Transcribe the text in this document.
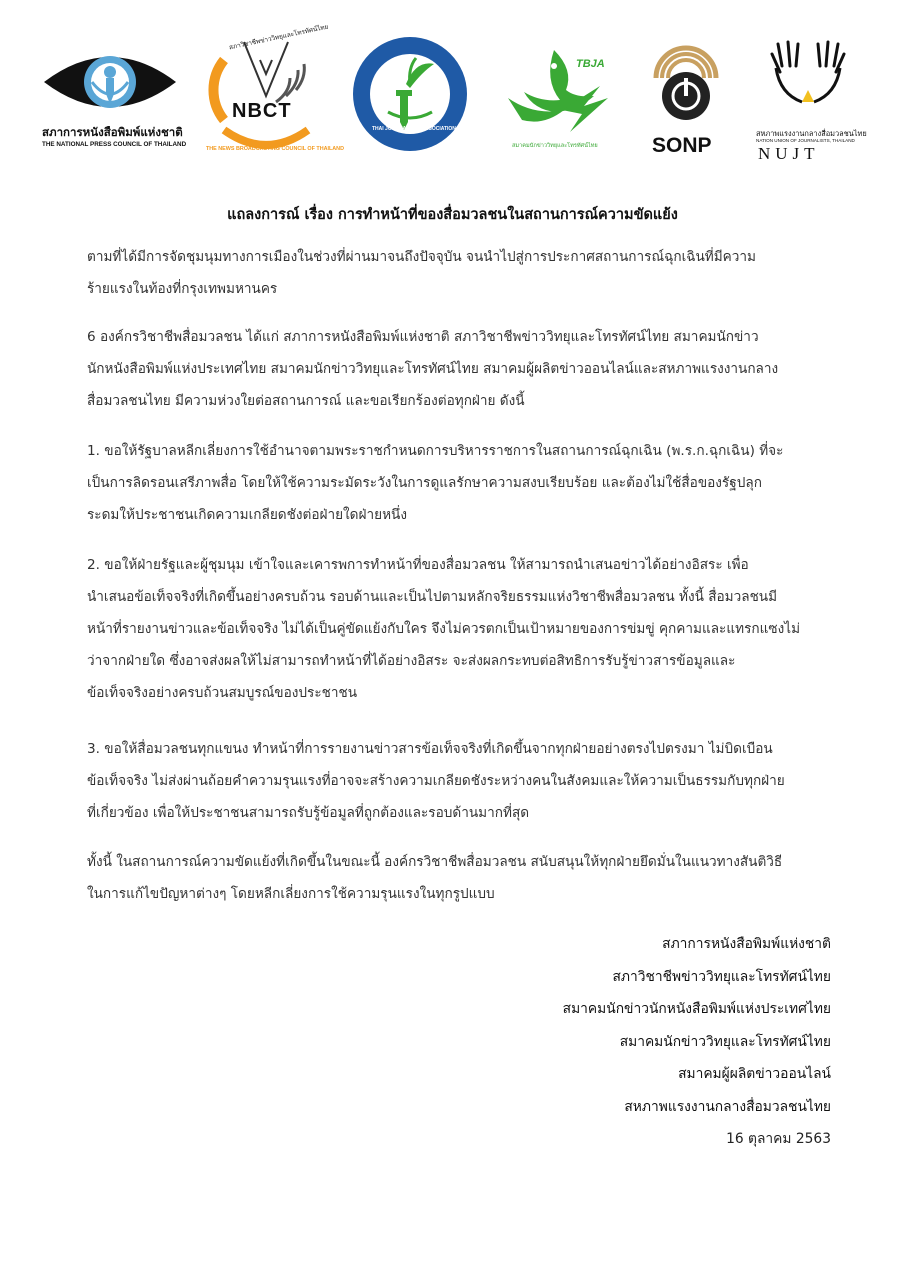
สภาการหนังสือพิมพ์แห่งชาติ
THE NATIONAL PRESS COUNCIL OF THAILAND
NBCT
สภาวิชาชีพข่าววิทยุและโทรทัศน์ไทย
THE NEWS BROADCASTING COUNCIL OF THAILAND
THAI JOURNALISTS ASSOCIATION
TBJA
สมาคมนักข่าววิทยุและโทรทัศน์ไทย	SONP
สหภาพแรงงานกลางสื่อมวลชนไทย
NATION UNION OF JOURNALISTS, THAILAND
NUJT
แถลงการณ์ เรื่อง การทำหน้าที่ของสื่อมวลชนในสถานการณ์ความขัดแย้ง
ตามที่ได้มีการจัดชุมนุมทางการเมืองในช่วงที่ผ่านมาจนถึงปัจจุบัน จนนำไปสู่การประกาศสถานการณ์ฉุกเฉินที่มีความ
ร้ายแรงในท้องที่กรุงเทพมหานคร
6 องค์กรวิชาชีพสื่อมวลชน ได้แก่ สภาการหนังสือพิมพ์แห่งชาติ สภาวิชาชีพข่าววิทยุและโทรทัศน์ไทย สมาคมนักข่าว
นักหนังสือพิมพ์แห่งประเทศไทย สมาคมนักข่าววิทยุและโทรทัศน์ไทย สมาคมผู้ผลิตข่าวออนไลน์และสหภาพแรงงานกลาง
สื่อมวลชนไทย มีความห่วงใยต่อสถานการณ์ และขอเรียกร้องต่อทุกฝ่าย ดังนี้
1. ขอให้รัฐบาลหลีกเลี่ยงการใช้อำนาจตามพระราชกำหนดการบริหารราชการในสถานการณ์ฉุกเฉิน (พ.ร.ก.ฉุกเฉิน) ที่จะ
เป็นการลิดรอนเสรีภาพสื่อ โดยให้ใช้ความระมัดระวังในการดูแลรักษาความสงบเรียบร้อย และต้องไม่ใช้สื่อของรัฐปลุก
ระดมให้ประชาชนเกิดความเกลียดชังต่อฝ่ายใดฝ่ายหนึ่ง
2. ขอให้ฝ่ายรัฐและผู้ชุมนุม เข้าใจและเคารพการทำหน้าที่ของสื่อมวลชน ให้สามารถนำเสนอข่าวได้อย่างอิสระ เพื่อ
นำเสนอข้อเท็จจริงที่เกิดขึ้นอย่างครบถ้วน รอบด้านและเป็นไปตามหลักจริยธรรมแห่งวิชาชีพสื่อมวลชน ทั้งนี้ สื่อมวลชนมี
หน้าที่รายงานข่าวและข้อเท็จจริง ไม่ได้เป็นคู่ขัดแย้งกับใคร จึงไม่ควรตกเป็นเป้าหมายของการข่มขู่ คุกคามและแทรกแซงไม่
ว่าจากฝ่ายใด ซึ่งอาจส่งผลให้ไม่สามารถทำหน้าที่ได้อย่างอิสระ จะส่งผลกระทบต่อสิทธิการรับรู้ข่าวสารข้อมูลและ
ข้อเท็จจริงอย่างครบถ้วนสมบูรณ์ของประชาชน
3. ขอให้สื่อมวลชนทุกแขนง ทำหน้าที่การรายงานข่าวสารข้อเท็จจริงที่เกิดขึ้นจากทุกฝ่ายอย่างตรงไปตรงมา ไม่บิดเบือน
ข้อเท็จจริง ไม่ส่งผ่านถ้อยคำความรุนแรงที่อาจจะสร้างความเกลียดชังระหว่างคนในสังคมและให้ความเป็นธรรมกับทุกฝ่าย
ที่เกี่ยวข้อง เพื่อให้ประชาชนสามารถรับรู้ข้อมูลที่ถูกต้องและรอบด้านมากที่สุด
ทั้งนี้ ในสถานการณ์ความขัดแย้งที่เกิดขึ้นในขณะนี้ องค์กรวิชาชีพสื่อมวลชน สนับสนุนให้ทุกฝ่ายยึดมั่นในแนวทางสันติวิธี
ในการแก้ไขปัญหาต่างๆ โดยหลีกเลี่ยงการใช้ความรุนแรงในทุกรูปแบบ
สภาการหนังสือพิมพ์แห่งชาติ
สภาวิชาชีพข่าววิทยุและโทรทัศน์ไทย
สมาคมนักข่าวนักหนังสือพิมพ์แห่งประเทศไทย
สมาคมนักข่าววิทยุและโทรทัศน์ไทย
สมาคมผู้ผลิตข่าวออนไลน์
สหภาพแรงงานกลางสื่อมวลชนไทย
16 ตุลาคม 2563
